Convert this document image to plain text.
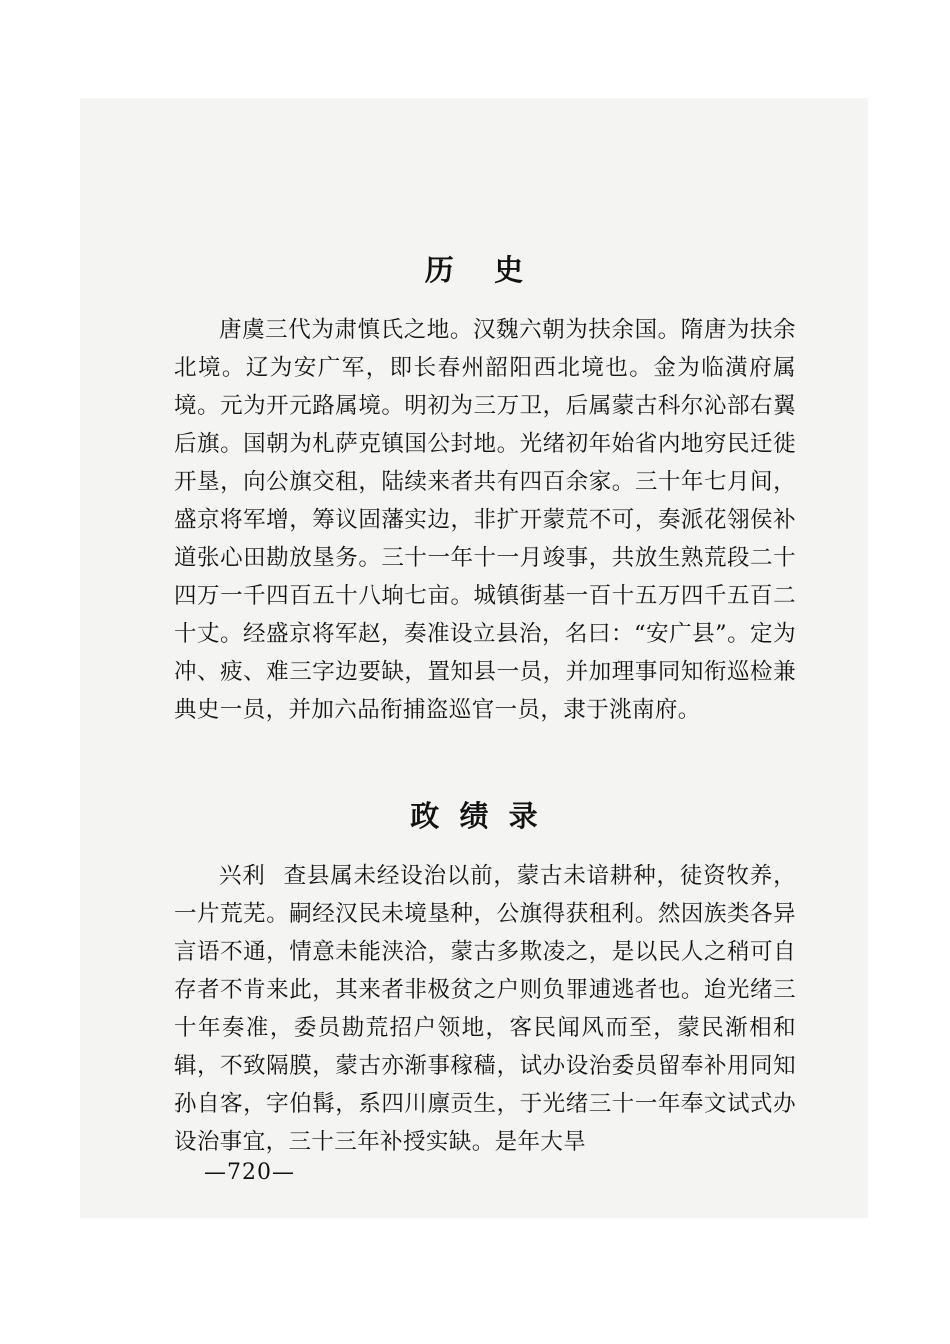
历    史

唐虞三代为肃慎氏之地。汉魏六朝为扶余国。隋唐为扶余北境。辽为安广军，即长春州韶阳西北境也。金为临潢府属境。元为开元路属境。明初为三万卫，后属蒙古科尔沁部右翼后旗。国朝为札萨克镇国公封地。光绪初年始省内地穷民迁徙开垦，向公旗交租，陆续来者共有四百余家。三十年七月间，盛京将军增，筹议固藩实边，非扩开蒙荒不可，奏派花翎侯补道张心田勘放垦务。三十一年十一月竣事，共放生熟荒段二十四万一千四百五十八垧七亩。城镇街基一百十五万四千五百二十丈。经盛京将军赵，奏准设立县治，名曰：“安广县”。定为冲、疲、难三字边要缺，置知县一员，并加理事同知衔巡检兼典史一员，并加六品衔捕盗巡官一员，隶于洮南府。

政  绩  录

兴利 查县属未经设治以前，蒙古未谙耕种，徒资牧养，一片荒芜。嗣经汉民未境垦种，公旗得获租利。然因族类各异言语不通，情意未能浃洽，蒙古多欺凌之，是以民人之稍可自存者不肯来此，其来者非极贫之户则负罪逋逃者也。迨光绪三十年奏准，委员勘荒招户领地，客民闻风而至，蒙民渐相和辑，不致隔膜，蒙古亦渐事稼穑，试办设治委员留奉补用同知孙自客，字伯髯，系四川廪贡生，于光绪三十一年奉文试式办设治事宜，三十三年补授实缺。是年大旱

—720—
